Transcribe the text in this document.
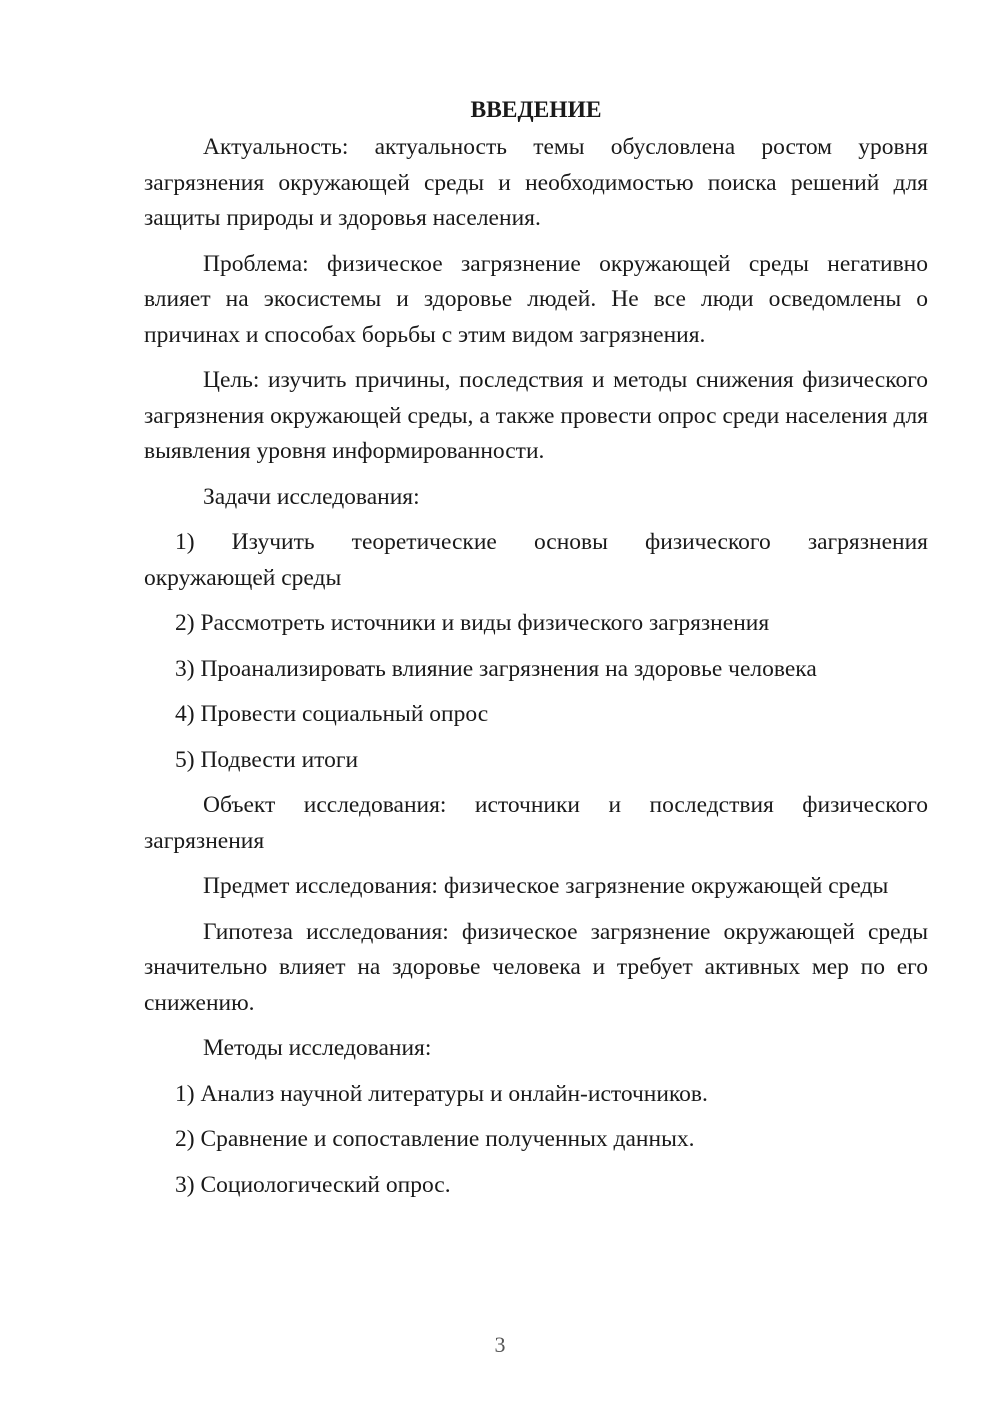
ВВЕДЕНИЕ

Актуальность: актуальность темы обусловлена ростом уровня загрязнения окружающей среды и необходимостью поиска решений для защиты природы и здоровья населения.

Проблема: физическое загрязнение окружающей среды негативно влияет на экосистемы и здоровье людей. Не все люди осведомлены о причинах и способах борьбы с этим видом загрязнения.

Цель: изучить причины, последствия и методы снижения физического загрязнения окружающей среды, а также провести опрос среди населения для выявления уровня информированности.

Задачи исследования:

1) Изучить теоретические основы физического загрязнения
окружающей среды

2) Рассмотреть источники и виды физического загрязнения

3) Проанализировать влияние загрязнения на здоровье человека

4) Провести социальный опрос

5) Подвести итоги

Объект исследования: источники и последствия физического загрязнения

Предмет исследования: физическое загрязнение окружающей среды

Гипотеза исследования: физическое загрязнение окружающей среды значительно влияет на здоровье человека и требует активных мер по его снижению.

Методы исследования:

1) Анализ научной литературы и онлайн-источников.

2) Сравнение и сопоставление полученных данных.

3) Социологический опрос.

3
